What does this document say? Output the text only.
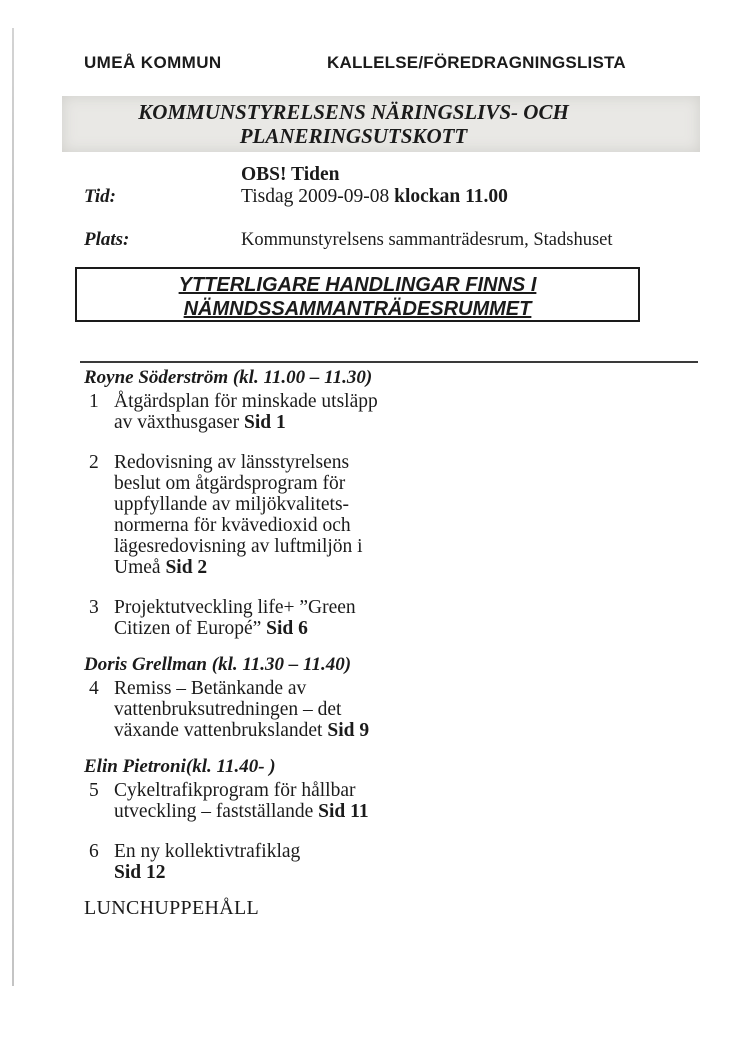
UMEÅ KOMMUN	KALLELSE/FÖREDRAGNINGSLISTA
KOMMUNSTYRELSENS NÄRINGSLIVS- OCH
PLANERINGSUTSKOTT
OBS! Tiden
Tid:	Tisdag 2009-09-08 klockan 11.00
Plats:	Kommunstyrelsens sammanträdesrum, Stadshuset
YTTERLIGARE HANDLINGAR FINNS I
NÄMNDSSAMMANTRÄDESRUMMET
Royne Söderström (kl. 11.00 – 11.30)
1 Åtgärdsplan för minskade utsläpp
av växthusgaser Sid 1
2 Redovisning av länsstyrelsens
beslut om åtgärdsprogram för
uppfyllande av miljökvalitets-
normerna för kvävedioxid och
lägesredovisning av luftmiljön i
Umeå Sid 2
3 Projektutveckling life+ ”Green
Citizen of Europé” Sid 6
Doris Grellman (kl. 11.30 – 11.40)
4 Remiss – Betänkande av
vattenbruksutredningen – det
växande vattenbrukslandet Sid 9
Elin Pietroni(kl. 11.40- )
5 Cykeltrafikprogram för hållbar
utveckling – fastställande Sid 11
6 En ny kollektivtrafiklag
Sid 12
LUNCHUPPEHÅLL
